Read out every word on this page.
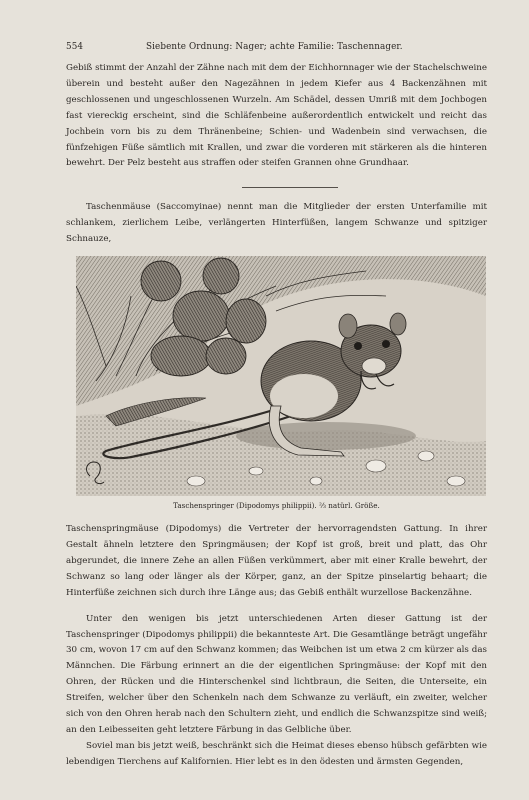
554	Siebente Ordnung: Nager; achte Familie: Taschennager.

Gebiß stimmt der Anzahl der Zähne nach mit dem der Eichhornnager wie der Stachelschweine überein und besteht außer den Nagezähnen in jedem Kiefer aus 4 Backenzähnen mit geschlossenen und ungeschlossenen Wurzeln. Am Schädel, dessen Umriß mit dem Jochbogen fast viereckig erscheint, sind die Schläfenbeine außerordentlich entwickelt und reicht das Jochbein vorn bis zu dem Thränenbeine; Schien- und Wadenbein sind verwachsen, die fünfzehigen Füße sämtlich mit Krallen, und zwar die vorderen mit stärkeren als die hinteren bewehrt. Der Pelz besteht aus straffen oder steifen Grannen ohne Grundhaar.

Taschenmäuse (Saccomyinae) nennt man die Mitglieder der ersten Unterfamilie mit schlankem, zierlichem Leibe, verlängerten Hinterfüßen, langem Schwanze und spitziger Schnauze,

Taschenspringer (Dipodomys philippii). ⅔ natürl. Größe.

Taschenspringmäuse (Dipodomys) die Vertreter der hervorragendsten Gattung. In ihrer Gestalt ähneln letztere den Springmäusen; der Kopf ist groß, breit und platt, das Ohr abgerundet, die innere Zehe an allen Füßen verkümmert, aber mit einer Kralle bewehrt, der Schwanz so lang oder länger als der Körper, ganz, an der Spitze pinselartig behaart; die Hinterfüße zeichnen sich durch ihre Länge aus; das Gebiß enthält wurzellose Backenzähne.

Unter den wenigen bis jetzt unterschiedenen Arten dieser Gattung ist der Taschenspringer (Dipodomys philippii) die bekannteste Art. Die Gesamtlänge beträgt ungefähr 30 cm, wovon 17 cm auf den Schwanz kommen; das Weibchen ist um etwa 2 cm kürzer als das Männchen. Die Färbung erinnert an die der eigentlichen Springmäuse: der Kopf mit den Ohren, der Rücken und die Hinterschenkel sind lichtbraun, die Seiten, die Unterseite, ein Streifen, welcher über den Schenkeln nach dem Schwanze zu verläuft, ein zweiter, welcher sich von den Ohren herab nach den Schultern zieht, und endlich die Schwanzspitze sind weiß; an den Leibesseiten geht letztere Färbung in das Gelbliche über.

Soviel man bis jetzt weiß, beschränkt sich die Heimat dieses ebenso hübsch gefärbten wie lebendigen Tierchens auf Kalifornien. Hier lebt es in den ödesten und ärmsten Gegenden,
